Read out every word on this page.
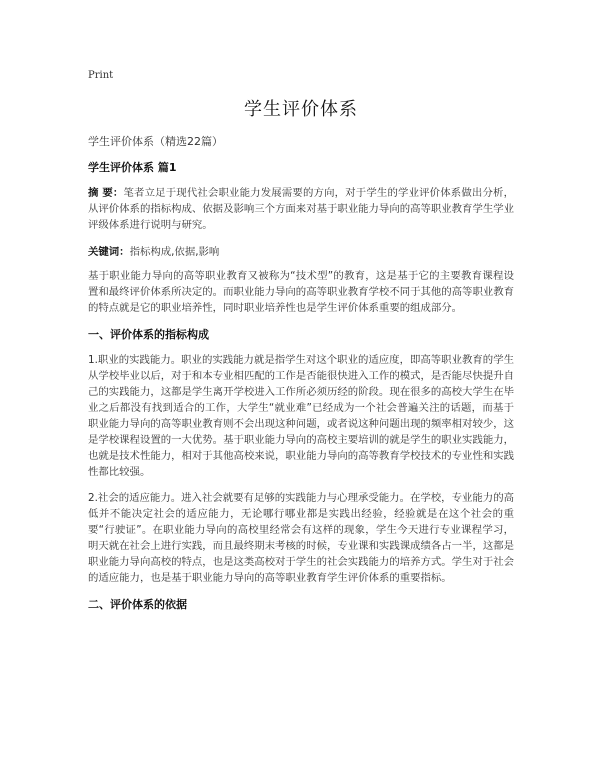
Print
学生评价体系
学生评价体系（精选22篇）
学生评价体系 篇1

摘 要：笔者立足于现代社会职业能力发展需要的方向，对于学生的学业评价体系做出分析，从评价体系的指标构成、依据及影响三个方面来对基于职业能力导向的高等职业教育学生学业评级体系进行说明与研究。

关键词：指标构成,依据,影响

基于职业能力导向的高等职业教育又被称为“技术型”的教育，这是基于它的主要教育课程设置和最终评价体系所决定的。而职业能力导向的高等职业教育学校不同于其他的高等职业教育的特点就是它的职业培养性，同时职业培养性也是学生评价体系重要的组成部分。

一、评价体系的指标构成

1.职业的实践能力。职业的实践能力就是指学生对这个职业的适应度，即高等职业教育的学生从学校毕业以后，对于和本专业相匹配的工作是否能很快进入工作的模式，是否能尽快提升自己的实践能力，这都是学生离开学校进入工作所必须历经的阶段。现在很多的高校大学生在毕业之后都没有找到适合的工作，大学生“就业难”已经成为一个社会普遍关注的话题，而基于职业能力导向的高等职业教育则不会出现这种问题，或者说这种问题出现的频率相对较少，这是学校课程设置的一大优势。基于职业能力导向的高校主要培训的就是学生的职业实践能力，也就是技术性能力，相对于其他高校来说，职业能力导向的高等教育学校技术的专业性和实践性都比较强。

2.社会的适应能力。进入社会就要有足够的实践能力与心理承受能力。在学校，专业能力的高低并不能决定社会的适应能力，无论哪行哪业都是实践出经验，经验就是在这个社会的重要“行驶证”。在职业能力导向的高校里经常会有这样的现象，学生今天进行专业课程学习，明天就在社会上进行实践，而且最终期末考核的时候，专业课和实践课成绩各占一半，这都是职业能力导向高校的特点，也是这类高校对于学生的社会实践能力的培养方式。学生对于社会的适应能力，也是基于职业能力导向的高等职业教育学生评价体系的重要指标。

二、评价体系的依据
